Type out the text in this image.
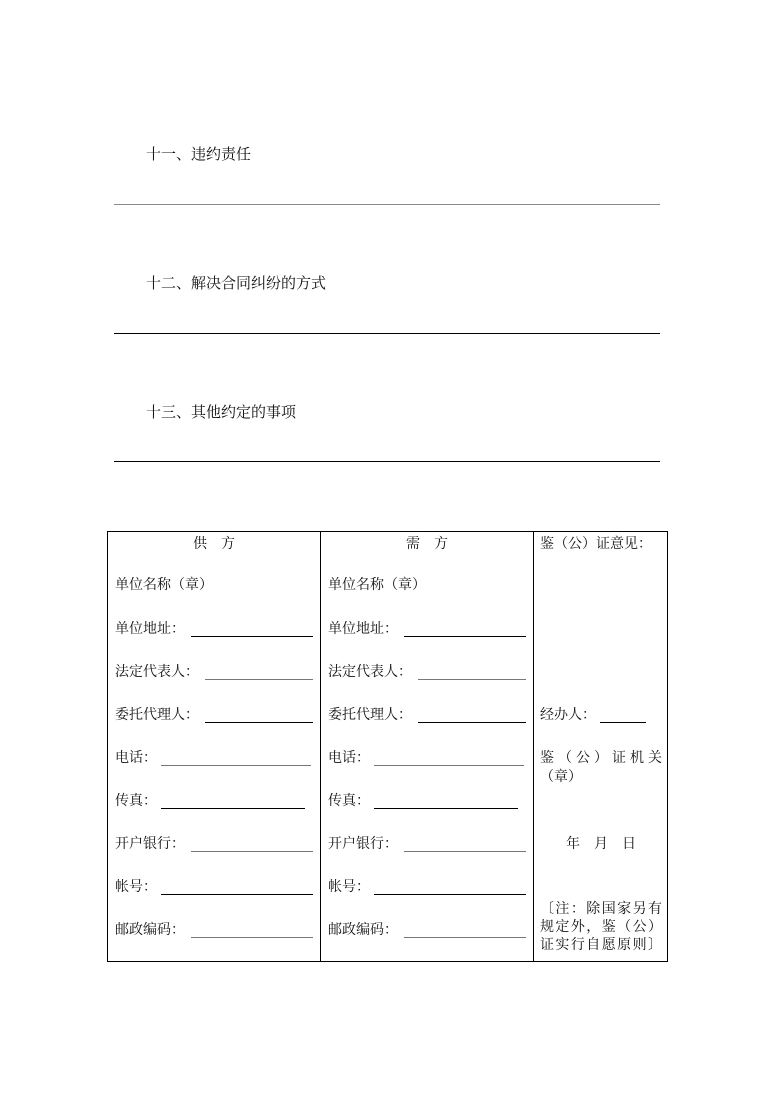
十一、违约责任
十二、解决合同纠纷的方式
十三、其他约定的事项
供方
单位名称（章）
单位地址：
法定代表人：
委托代理人：
电话：
传真：
开户银行：
帐号：
邮政编码：
需方
单位名称（章）
单位地址：
法定代表人：
委托代理人：
电话：
传真：
开户银行：
帐号：
邮政编码：
鉴（公）证意见：
经办人：
鉴（公）证机关
（章）
年　月　日
〔注：除国家另有规定外，鉴（公）证实行自愿原则〕
